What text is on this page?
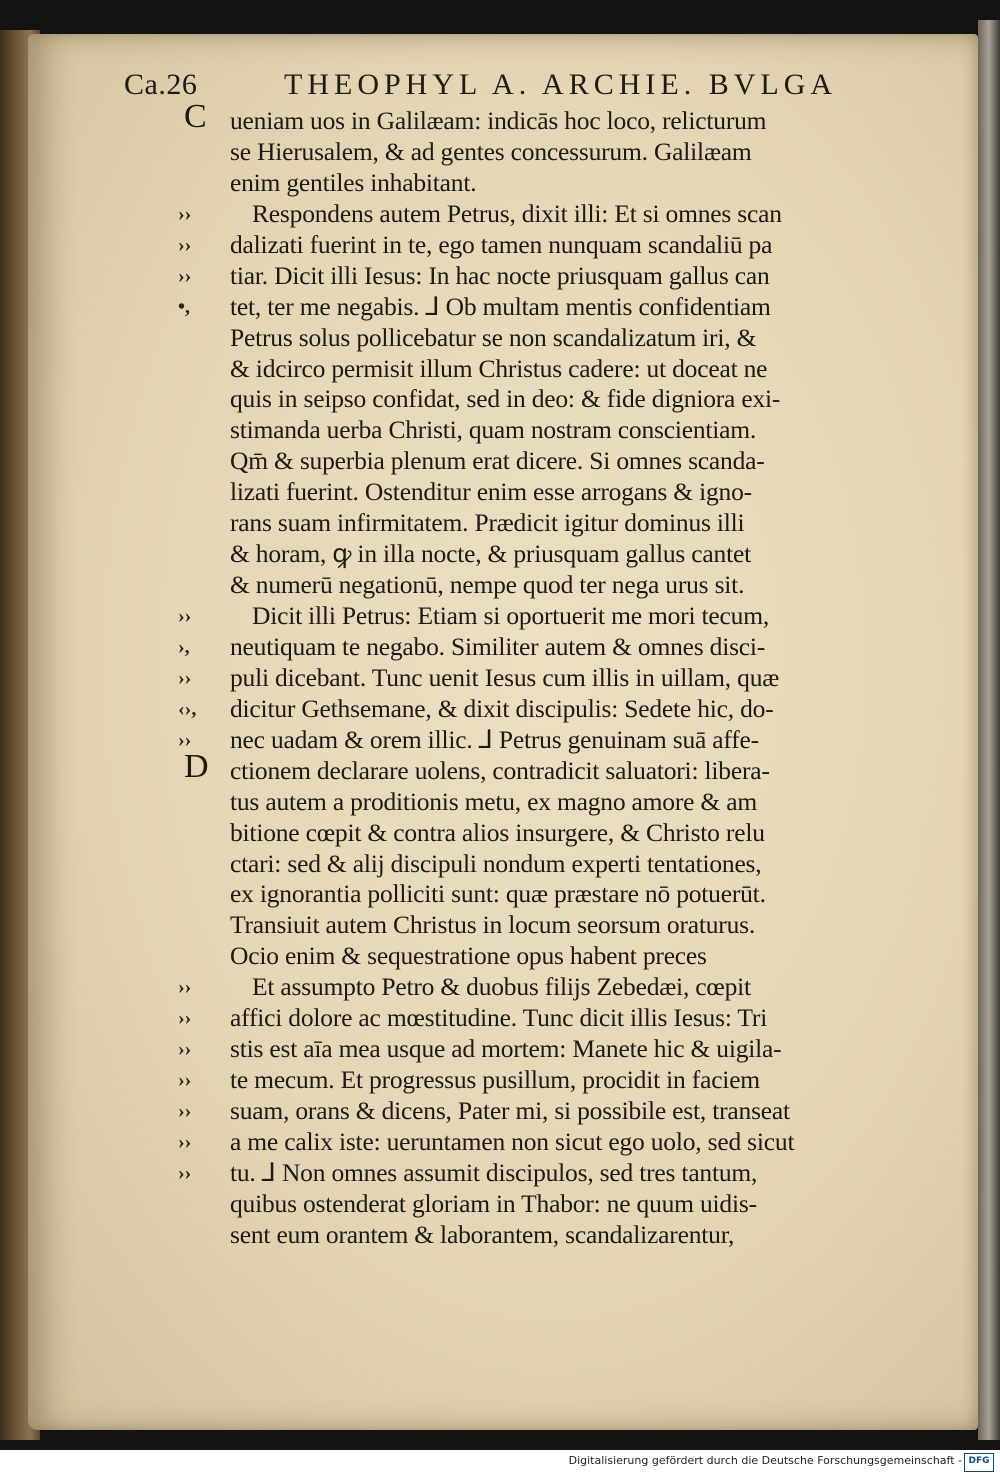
Ca.26	THEOPHYL A. ARCHIE. BVLGA
››
››
››
•,
››
›,
››
‹›,
››
››
››
››
››
››
››
››
C
D
ueniam uos in Galilæam: indicās hoc loco, relicturum
se Hierusalem, & ad gentes concessurum. Galilæam
enim gentiles inhabitant.
Respondens autem Petrus, dixit illi: Et si omnes scan
dalizati fuerint in te, ego tamen nunquam scandaliū pa
tiar. Dicit illi Iesus: In hac nocte priusquam gallus can
tet, ter me negabis. ⅃ Ob multam mentis confidentiam
Petrus solus pollicebatur se non scandalizatum iri, &
& idcirco permisit illum Christus cadere: ut doceat ne
quis in seipso confidat, sed in deo: & fide digniora exi-
stimanda uerba Christi, quam nostram conscientiam.
Qm̄ & superbia plenum erat dicere. Si omnes scanda-
lizati fuerint. Ostenditur enim esse arrogans & igno-
rans suam infirmitatem. Prædicit igitur dominus illi
& horam, ꝙ in illa nocte, & priusquam gallus cantet
& numerū negationū, nempe quod ter nega urus sit.
Dicit illi Petrus: Etiam si oportuerit me mori tecum,
neutiquam te negabo. Similiter autem & omnes disci-
puli dicebant. Tunc uenit Iesus cum illis in uillam, quæ
dicitur Gethsemane, & dixit discipulis: Sedete hic, do-
nec uadam & orem illic. ⅃ Petrus genuinam suā affe-
ctionem declarare uolens, contradicit saluatori: libera-
tus autem a proditionis metu, ex magno amore & am
bitione cœpit & contra alios insurgere, & Christo relu
ctari: sed & alij discipuli nondum experti tentationes,
ex ignorantia polliciti sunt: quæ præstare nō potuerūt.
Transiuit autem Christus in locum seorsum oraturus.
Ocio enim & sequestratione opus habent preces
Et assumpto Petro & duobus filijs Zebedæi, cœpit
affici dolore ac mœstitudine. Tunc dicit illis Iesus: Tri
stis est aīa mea usque ad mortem: Manete hic & uigila-
te mecum. Et progressus pusillum, procidit in faciem
suam, orans & dicens, Pater mi, si possibile est, transeat
a me calix iste: ueruntamen non sicut ego uolo, sed sicut
tu. ⅃ Non omnes assumit discipulos, sed tres tantum,
quibus ostenderat gloriam in Thabor: ne quum uidis-
sent eum orantem & laborantem, scandalizarentur,
Digitalisierung gefördert durch die Deutsche Forschungsgemeinschaft - DFG
